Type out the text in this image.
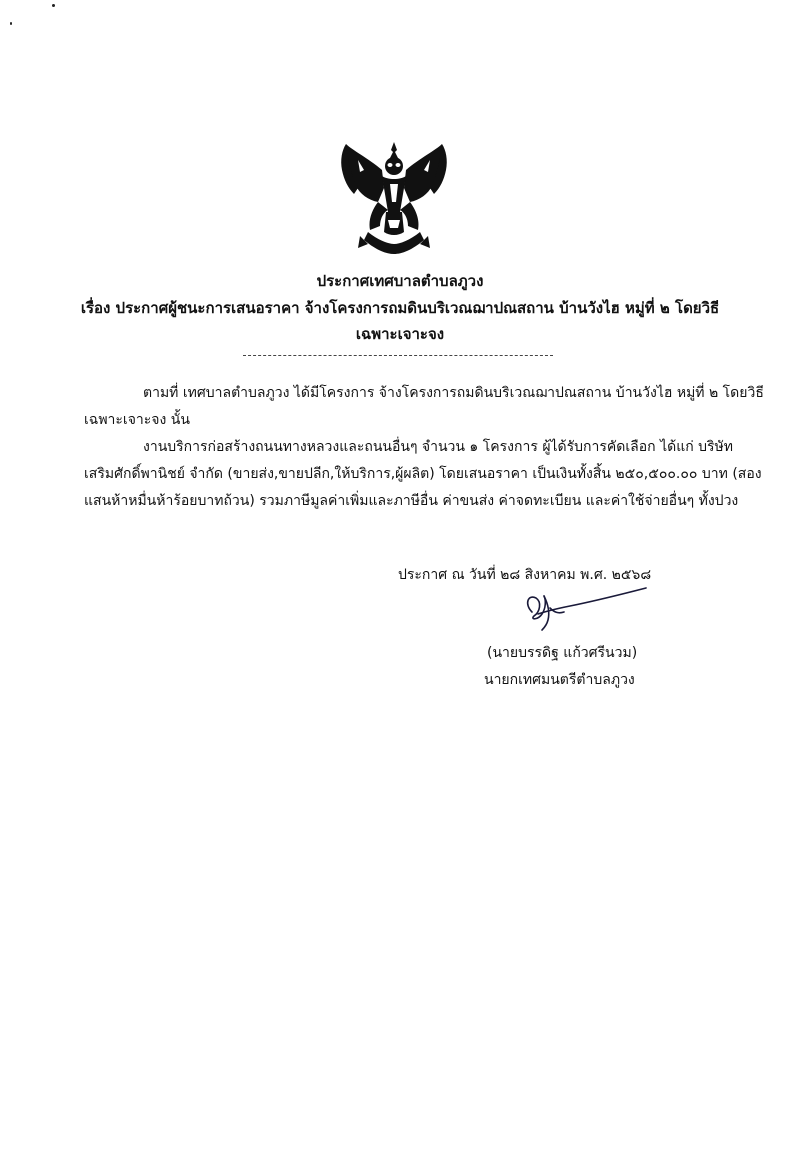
ประกาศเทศบาลตำบลภูวง
เรื่อง ประกาศผู้ชนะการเสนอราคา จ้างโครงการถมดินบริเวณฌาปณสถาน บ้านวังไฮ หมู่ที่ ๒ โดยวิธี
เฉพาะเจาะจง
ตามที่ เทศบาลตำบลภูวง ได้มีโครงการ จ้างโครงการถมดินบริเวณฌาปณสถาน บ้านวังไฮ หมู่ที่ ๒ โดยวิธี
เฉพาะเจาะจง นั้น
งานบริการก่อสร้างถนนทางหลวงและถนนอื่นๆ จำนวน ๑ โครงการ ผู้ได้รับการคัดเลือก ได้แก่ บริษัท
เสริมศักดิ์พานิชย์ จำกัด (ขายส่ง,ขายปลีก,ให้บริการ,ผู้ผลิต) โดยเสนอราคา เป็นเงินทั้งสิ้น ๒๕๐,๕๐๐.๐๐ บาท (สอง
แสนห้าหมื่นห้าร้อยบาทถ้วน) รวมภาษีมูลค่าเพิ่มและภาษีอื่น ค่าขนส่ง ค่าจดทะเบียน และค่าใช้จ่ายอื่นๆ ทั้งปวง
ประกาศ ณ วันที่ ๒๘ สิงหาคม พ.ศ. ๒๕๖๘
(นายบรรดิฐ แก้วศรีนวม)
นายกเทศมนตรีตำบลภูวง
